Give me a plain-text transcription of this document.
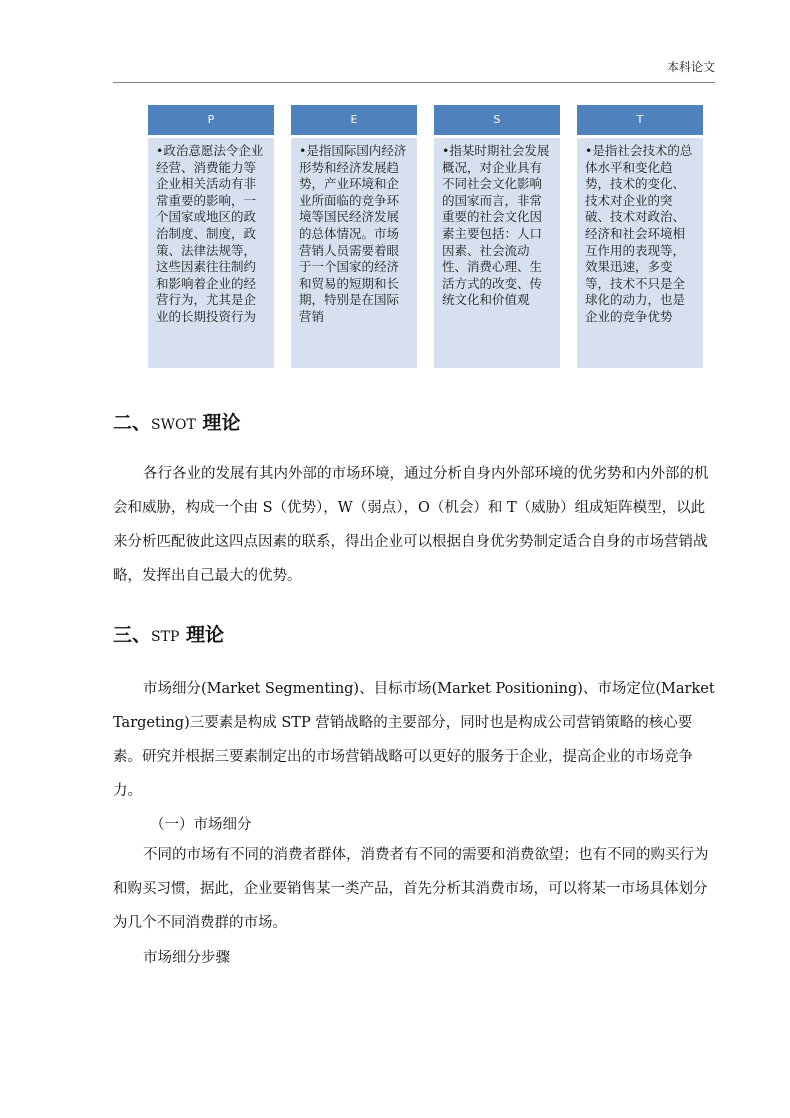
本科论文
P
•政治意愿法令企业经营、消费能力等企业相关活动有非常重要的影响，一个国家或地区的政治制度、制度，政策、法律法规等，这些因素往往制约和影响着企业的经营行为，尤其是企业的长期投资行为
E
•是指国际国内经济形势和经济发展趋势，产业环境和企业所面临的竞争环境等国民经济发展的总体情况。市场营销人员需要着眼于一个国家的经济和贸易的短期和长期，特别是在国际营销
S
•指某时期社会发展概况，对企业具有不同社会文化影响的国家而言，非常重要的社会文化因素主要包括：人口因素、社会流动性、消费心理、生活方式的改变、传统文化和价值观
T
•是指社会技术的总体水平和变化趋势，技术的变化、技术对企业的突破、技术对政治、经济和社会环境相互作用的表现等，效果迅速，多变等，技术不只是全球化的动力，也是企业的竞争优势
二、SWOT 理论
各行各业的发展有其内外部的市场环境，通过分析自身内外部环境的优劣势和内外部的机会和威胁，构成一个由 S（优势），W（弱点），O（机会）和 T（威胁）组成矩阵模型，以此来分析匹配彼此这四点因素的联系，得出企业可以根据自身优劣势制定适合自身的市场营销战略，发挥出自己最大的优势。
三、STP 理论
市场细分(Market Segmenting)、目标市场(Market Positioning)、市场定位(Market Targeting)三要素是构成 STP 营销战略的主要部分，同时也是构成公司营销策略的核心要素。研究并根据三要素制定出的市场营销战略可以更好的服务于企业，提高企业的市场竞争力。
（一）市场细分
不同的市场有不同的消费者群体，消费者有不同的需要和消费欲望；也有不同的购买行为和购买习惯，据此，企业要销售某一类产品，首先分析其消费市场，可以将某一市场具体划分为几个不同消费群的市场。
市场细分步骤
